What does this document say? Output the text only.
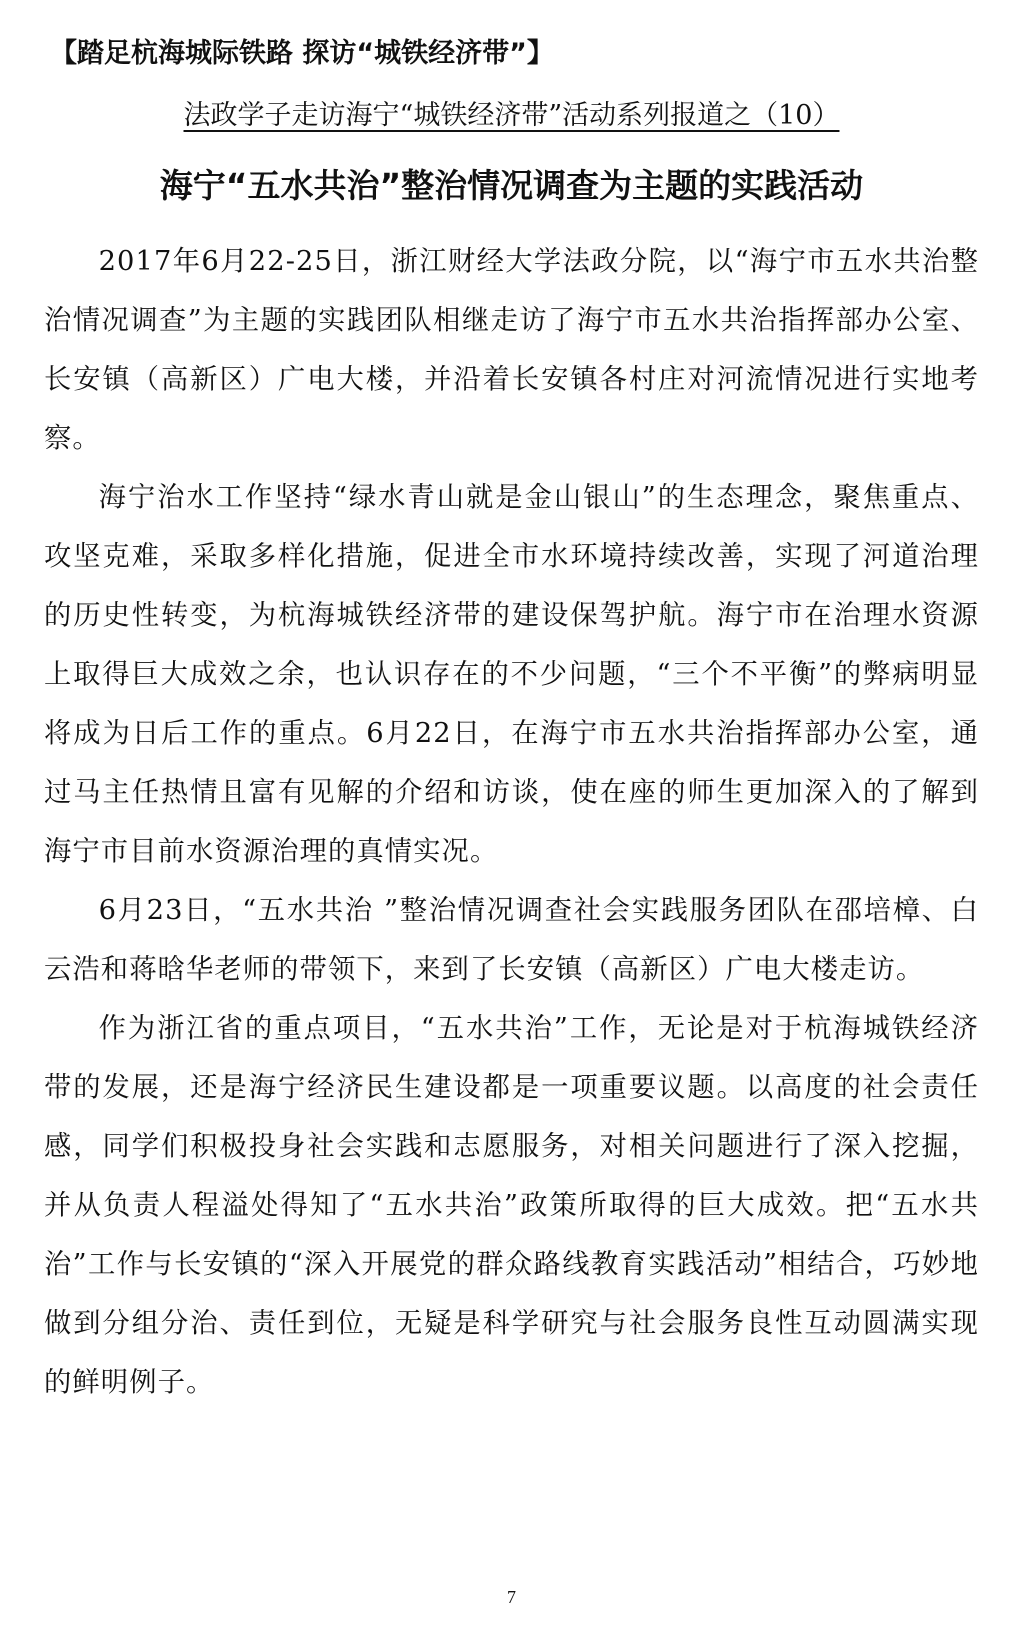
【踏足杭海城际铁路 探访“城铁经济带”】
法政学子走访海宁“城铁经济带”活动系列报道之（10）
海宁“五水共治”整治情况调查为主题的实践活动

2017年6月22-25日，浙江财经大学法政分院，以“海宁市五水共治整治情况调查”为主题的实践团队相继走访了海宁市五水共治指挥部办公室、长安镇（高新区）广电大楼，并沿着长安镇各村庄对河流情况进行实地考察。

海宁治水工作坚持“绿水青山就是金山银山”的生态理念，聚焦重点、攻坚克难，采取多样化措施，促进全市水环境持续改善，实现了河道治理的历史性转变，为杭海城铁经济带的建设保驾护航。海宁市在治理水资源上取得巨大成效之余，也认识存在的不少问题，“三个不平衡”的弊病明显将成为日后工作的重点。6月22日，在海宁市五水共治指挥部办公室，通过马主任热情且富有见解的介绍和访谈，使在座的师生更加深入的了解到海宁市目前水资源治理的真情实况。

6月23日，“五水共治 ”整治情况调查社会实践服务团队在邵培樟、白云浩和蒋晗华老师的带领下，来到了长安镇（高新区）广电大楼走访。

作为浙江省的重点项目，“五水共治”工作，无论是对于杭海城铁经济带的发展，还是海宁经济民生建设都是一项重要议题。以高度的社会责任感，同学们积极投身社会实践和志愿服务，对相关问题进行了深入挖掘，并从负责人程溢处得知了“五水共治”政策所取得的巨大成效。把“五水共治”工作与长安镇的“深入开展党的群众路线教育实践活动”相结合，巧妙地做到分组分治、责任到位，无疑是科学研究与社会服务良性互动圆满实现的鲜明例子。

7
